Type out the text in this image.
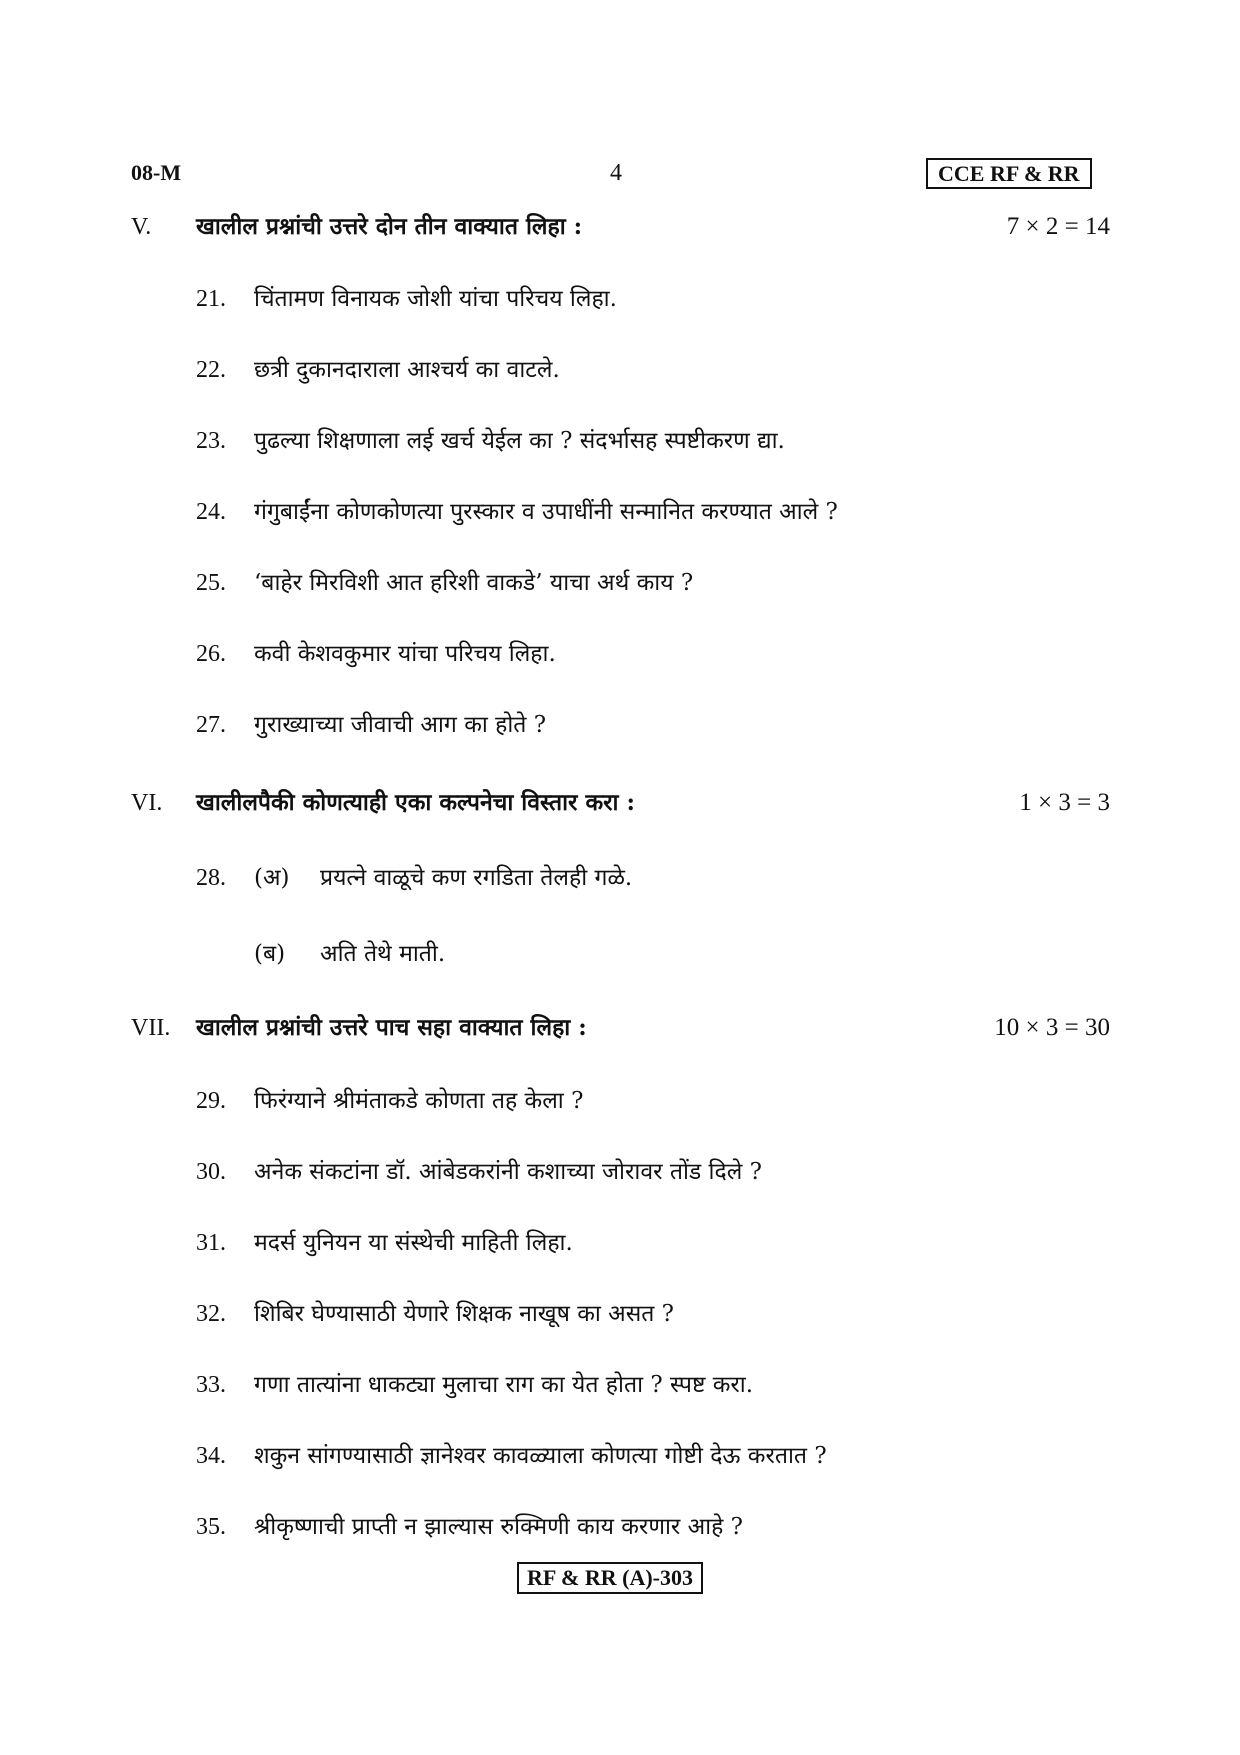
08-M	4	CCE RF & RR
V. खालील प्रश्नांची उत्तरे दोन तीन वाक्यात लिहा :	7 × 2 = 14
21. चिंतामण विनायक जोशी यांचा परिचय लिहा.
22. छत्री दुकानदाराला आश्चर्य का वाटले.
23. पुढल्या शिक्षणाला लई खर्च येईल का ? संदर्भासह स्पष्टीकरण द्या.
24. गंगुबाईंना कोणकोणत्या पुरस्कार व उपाधींनी सन्मानित करण्यात आले ?
25. ‘बाहेर मिरविशी आत हरिशी वाकडे’ याचा अर्थ काय ?
26. कवी केशवकुमार यांचा परिचय लिहा.
27. गुराख्याच्या जीवाची आग का होते ?
VI. खालीलपैकी कोणत्याही एका कल्पनेचा विस्तार करा :	1 × 3 = 3
28. (अ) प्रयत्ने वाळूचे कण रगडिता तेलही गळे.
(ब) अति तेथे माती.
VII. खालील प्रश्नांची उत्तरे पाच सहा वाक्यात लिहा :	10 × 3 = 30
29. फिरंग्याने श्रीमंताकडे कोणता तह केला ?
30. अनेक संकटांना डॉ. आंबेडकरांनी कशाच्या जोरावर तोंड दिले ?
31. मदर्स युनियन या संस्थेची माहिती लिहा.
32. शिबिर घेण्यासाठी येणारे शिक्षक नाखूष का असत ?
33. गणा तात्यांना धाकट्या मुलाचा राग का येत होता ? स्पष्ट करा.
34. शकुन सांगण्यासाठी ज्ञानेश्वर कावळ्याला कोणत्या गोष्टी देऊ करतात ?
35. श्रीकृष्णाची प्राप्ती न झाल्यास रुक्मिणी काय करणार आहे ?
RF & RR (A)-303
